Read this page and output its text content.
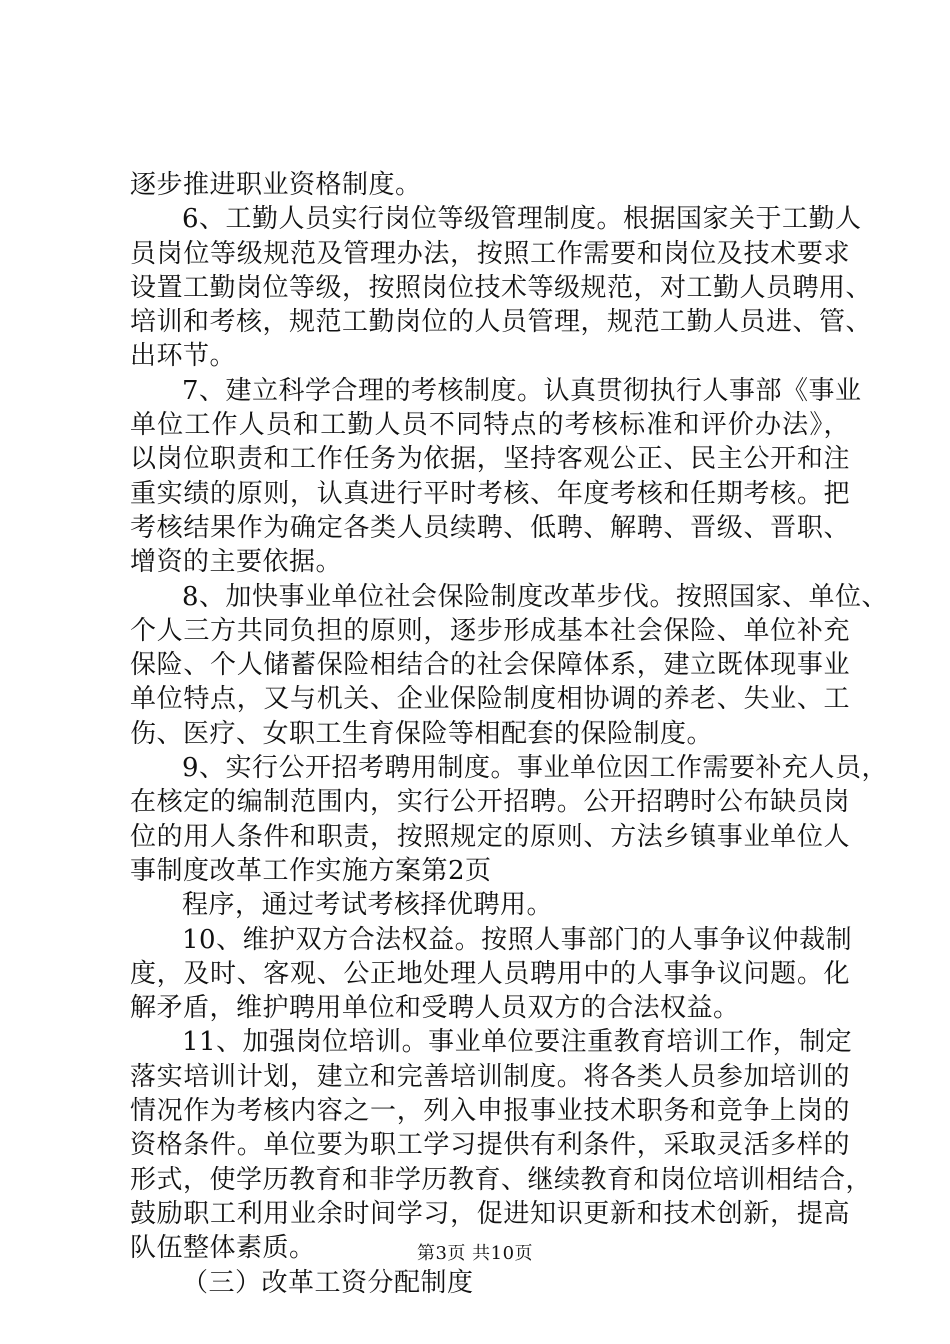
逐步推进职业资格制度。
6、工勤人员实行岗位等级管理制度。根据国家关于工勤人
员岗位等级规范及管理办法，按照工作需要和岗位及技术要求
设置工勤岗位等级，按照岗位技术等级规范，对工勤人员聘用、
培训和考核，规范工勤岗位的人员管理，规范工勤人员进、管、
出环节。
7、建立科学合理的考核制度。认真贯彻执行人事部《事业
单位工作人员和工勤人员不同特点的考核标准和评价办法》，
以岗位职责和工作任务为依据，坚持客观公正、民主公开和注
重实绩的原则，认真进行平时考核、年度考核和任期考核。把
考核结果作为确定各类人员续聘、低聘、解聘、晋级、晋职、
增资的主要依据。
8、加快事业单位社会保险制度改革步伐。按照国家、单位、
个人三方共同负担的原则，逐步形成基本社会保险、单位补充
保险、个人储蓄保险相结合的社会保障体系，建立既体现事业
单位特点，又与机关、企业保险制度相协调的养老、失业、工
伤、医疗、女职工生育保险等相配套的保险制度。
9、实行公开招考聘用制度。事业单位因工作需要补充人员，
在核定的编制范围内，实行公开招聘。公开招聘时公布缺员岗
位的用人条件和职责，按照规定的原则、方法乡镇事业单位人
事制度改革工作实施方案第2页
程序，通过考试考核择优聘用。
10、维护双方合法权益。按照人事部门的人事争议仲裁制
度，及时、客观、公正地处理人员聘用中的人事争议问题。化
解矛盾，维护聘用单位和受聘人员双方的合法权益。
11、加强岗位培训。事业单位要注重教育培训工作，制定
落实培训计划，建立和完善培训制度。将各类人员参加培训的
情况作为考核内容之一，列入申报事业技术职务和竞争上岗的
资格条件。单位要为职工学习提供有利条件，采取灵活多样的
形式，使学历教育和非学历教育、继续教育和岗位培训相结合，
鼓励职工利用业余时间学习，促进知识更新和技术创新，提高
队伍整体素质。
（三）改革工资分配制度
第3页 共10页
